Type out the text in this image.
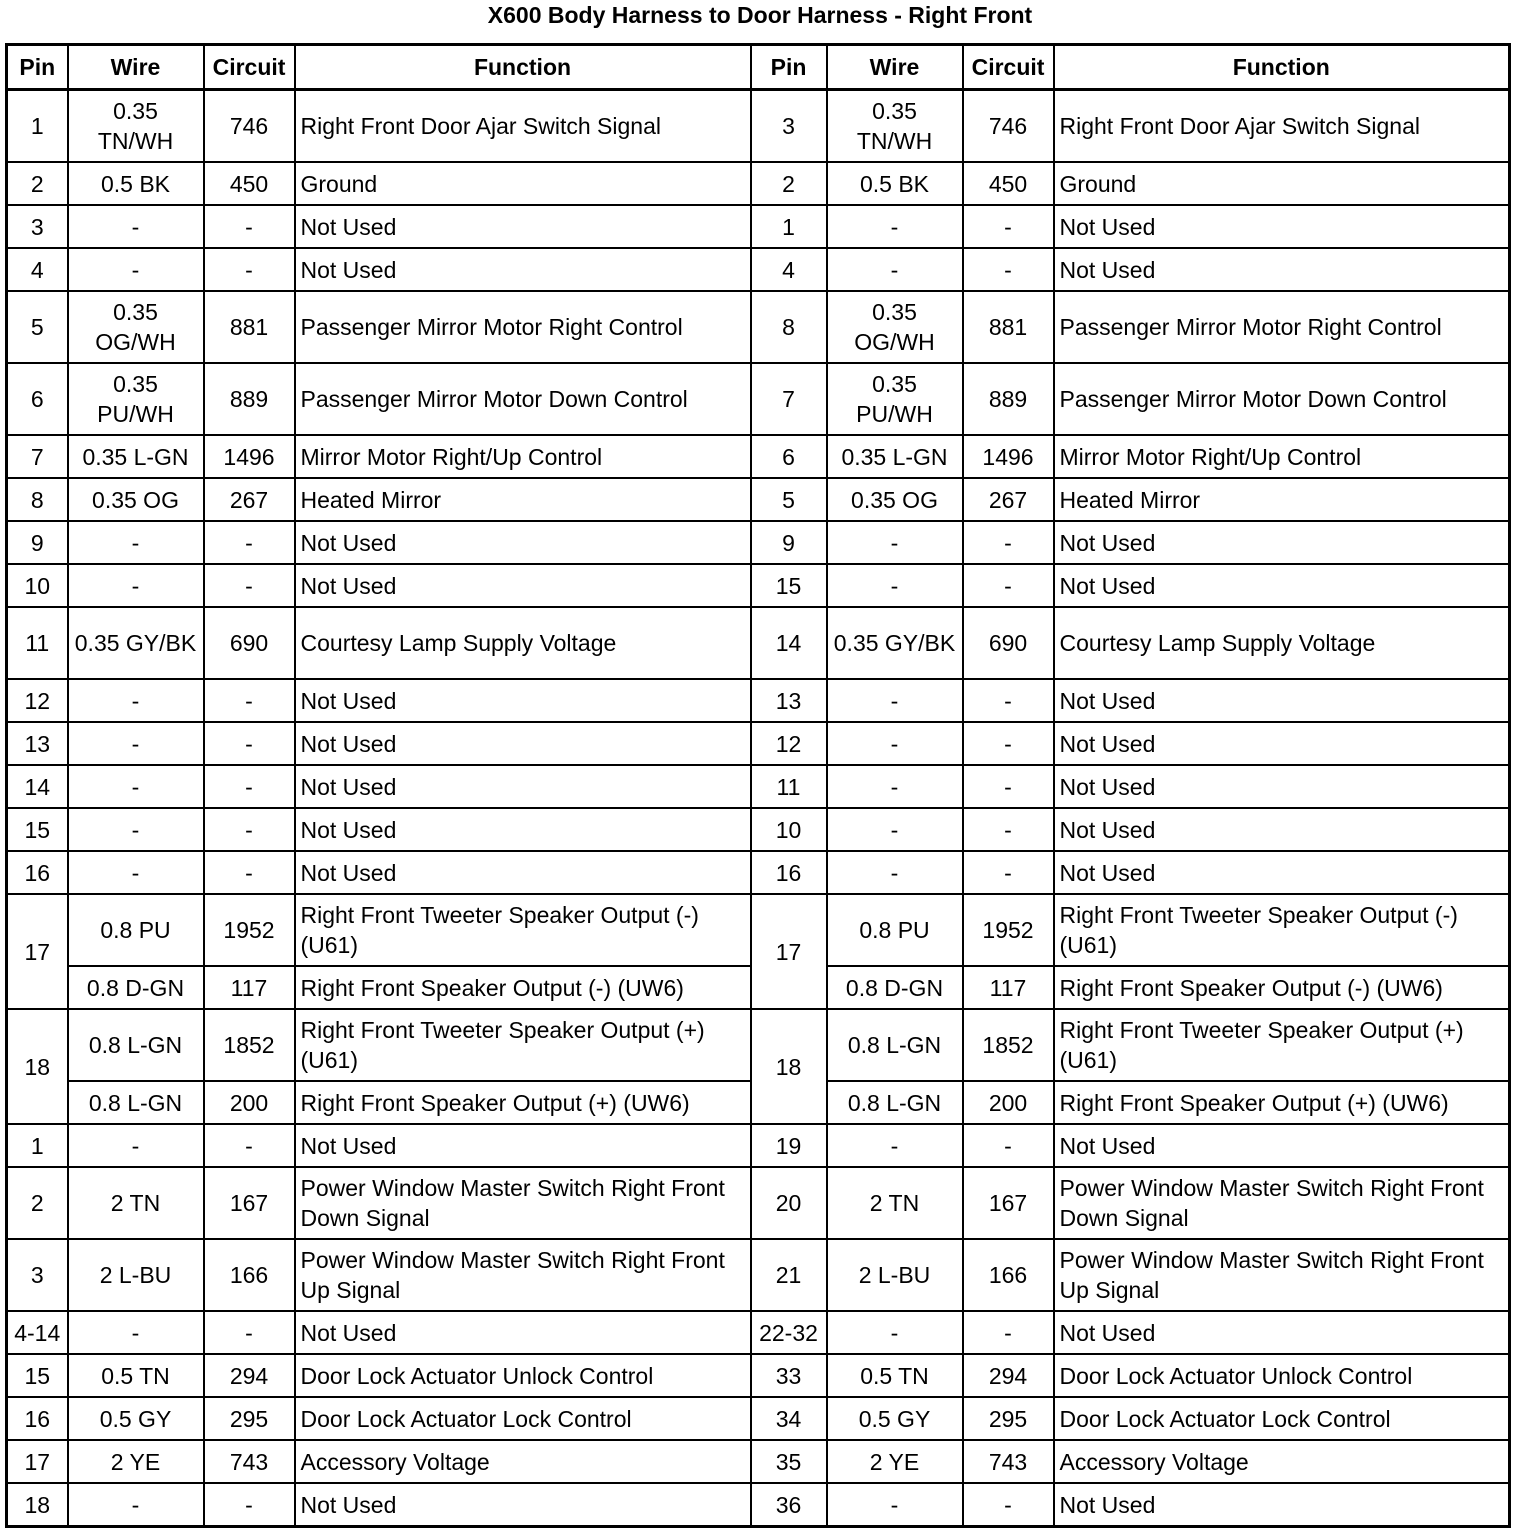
X600 Body Harness to Door Harness - Right Front
Pin	Wire	Circuit	Function	Pin	Wire	Circuit	Function
1	0.35 TN/WH	746	Right Front Door Ajar Switch Signal	3	0.35 TN/WH	746	Right Front Door Ajar Switch Signal
2	0.5 BK	450	Ground	2	0.5 BK	450	Ground
3	-	-	Not Used	1	-	-	Not Used
4	-	-	Not Used	4	-	-	Not Used
5	0.35 OG/WH	881	Passenger Mirror Motor Right Control	8	0.35 OG/WH	881	Passenger Mirror Motor Right Control
6	0.35 PU/WH	889	Passenger Mirror Motor Down Control	7	0.35 PU/WH	889	Passenger Mirror Motor Down Control
7	0.35 L-GN	1496	Mirror Motor Right/Up Control	6	0.35 L-GN	1496	Mirror Motor Right/Up Control
8	0.35 OG	267	Heated Mirror	5	0.35 OG	267	Heated Mirror
9	-	-	Not Used	9	-	-	Not Used
10	-	-	Not Used	15	-	-	Not Used
11	0.35 GY/BK	690	Courtesy Lamp Supply Voltage	14	0.35 GY/BK	690	Courtesy Lamp Supply Voltage
12	-	-	Not Used	13	-	-	Not Used
13	-	-	Not Used	12	-	-	Not Used
14	-	-	Not Used	11	-	-	Not Used
15	-	-	Not Used	10	-	-	Not Used
16	-	-	Not Used	16	-	-	Not Used
17	0.8 PU	1952	Right Front Tweeter Speaker Output (-) (U61)	17	0.8 PU	1952	Right Front Tweeter Speaker Output (-) (U61)
	0.8 D-GN	117	Right Front Speaker Output (-) (UW6)		0.8 D-GN	117	Right Front Speaker Output (-) (UW6)
18	0.8 L-GN	1852	Right Front Tweeter Speaker Output (+) (U61)	18	0.8 L-GN	1852	Right Front Tweeter Speaker Output (+) (U61)
	0.8 L-GN	200	Right Front Speaker Output (+) (UW6)		0.8 L-GN	200	Right Front Speaker Output (+) (UW6)
1	-	-	Not Used	19	-	-	Not Used
2	2 TN	167	Power Window Master Switch Right Front Down Signal	20	2 TN	167	Power Window Master Switch Right Front Down Signal
3	2 L-BU	166	Power Window Master Switch Right Front Up Signal	21	2 L-BU	166	Power Window Master Switch Right Front Up Signal
4-14	-	-	Not Used	22-32	-	-	Not Used
15	0.5 TN	294	Door Lock Actuator Unlock Control	33	0.5 TN	294	Door Lock Actuator Unlock Control
16	0.5 GY	295	Door Lock Actuator Lock Control	34	0.5 GY	295	Door Lock Actuator Lock Control
17	2 YE	743	Accessory Voltage	35	2 YE	743	Accessory Voltage
18	-	-	Not Used	36	-	-	Not Used
